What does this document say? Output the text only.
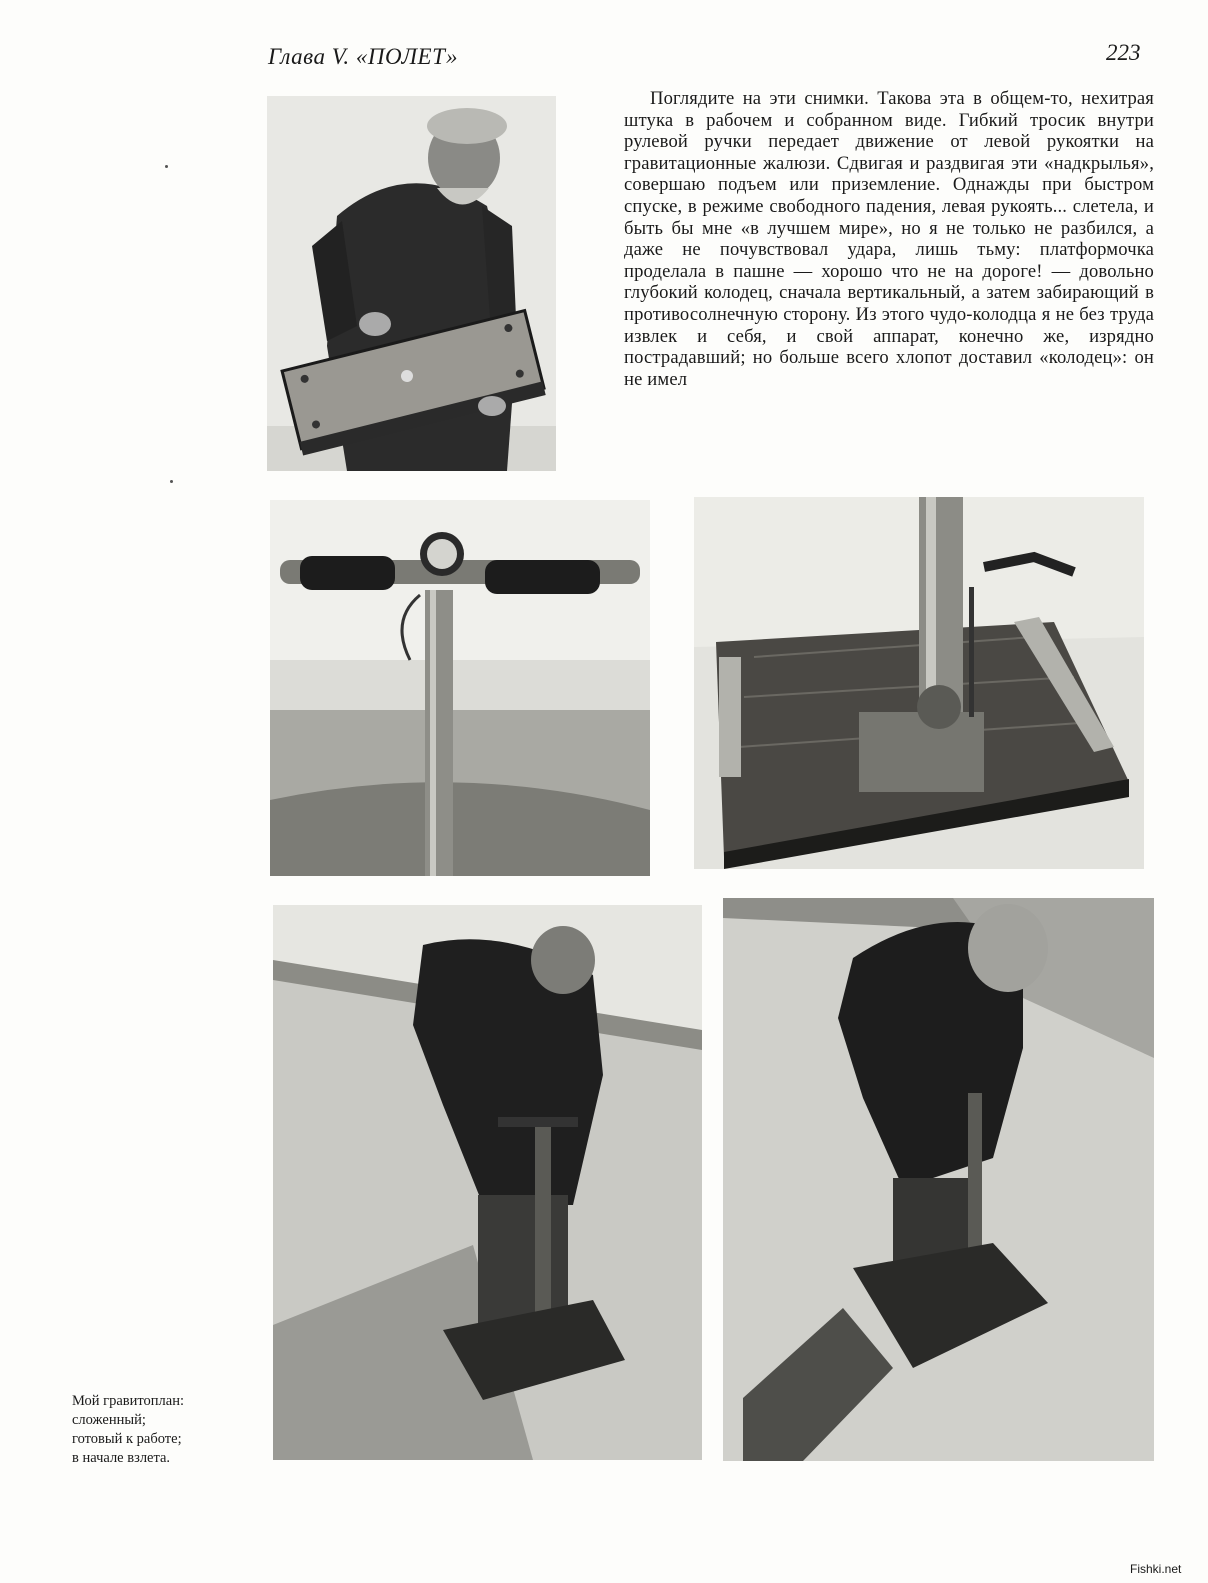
Глава V. «ПОЛЕТ»	223
Поглядите на эти снимки. Такова эта в общем-то, нехитрая штука в рабочем и собранном виде. Гибкий тросик внутри рулевой ручки передает движение от левой рукоятки на гравитационные жалюзи. Сдвигая и раздвигая эти «надкрылья», совершаю подъем или приземление. Однажды при быстром спуске, в режиме свободного падения, левая рукоять... слетела, и быть бы мне «в лучшем мире», но я не только не разбился, а даже не почувствовал удара, лишь тьму: платформочка проделала в пашне — хорошо что не на дороге! — довольно глубокий колодец, сначала вертикальный, а затем забирающий в противосолнечную сторону. Из этого чудо-колодца я не без труда извлек и себя, и свой аппарат, конечно же, изрядно пострадавший; но больше всего хлопот доставил «колодец»: он не имел
Мой гравитоплан:
сложенный;
готовый к работе;
в начале взлета.
Fishki.net
